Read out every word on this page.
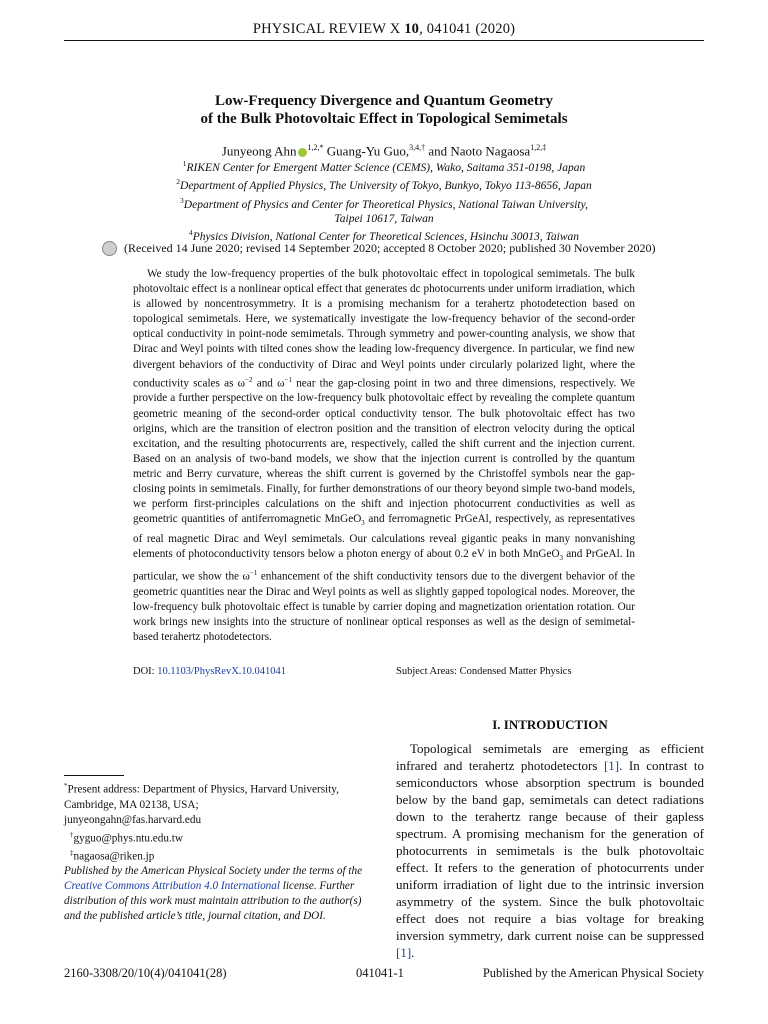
PHYSICAL REVIEW X 10, 041041 (2020)
Low-Frequency Divergence and Quantum Geometry
of the Bulk Photovoltaic Effect in Topological Semimetals
Junyeong Ahn $^{1,2,*}$ Guang-Yu Guo,$^{3,4,\dagger}$ and Naoto Nagaosa$^{1,2,\ddagger}$
$^1$RIKEN Center for Emergent Matter Science (CEMS), Wako, Saitama 351-0198, Japan
$^2$Department of Applied Physics, The University of Tokyo, Bunkyo, Tokyo 113-8656, Japan
$^3$Department of Physics and Center for Theoretical Physics, National Taiwan University,
Taipei 10617, Taiwan
$^4$Physics Division, National Center for Theoretical Sciences, Hsinchu 30013, Taiwan
(Received 14 June 2020; revised 14 September 2020; accepted 8 October 2020; published 30 November 2020)

We study the low-frequency properties of the bulk photovoltaic effect in topological semimetals. The bulk photovoltaic effect is a nonlinear optical effect that generates dc photocurrents under uniform irradiation, which is allowed by noncentrosymmetry. It is a promising mechanism for a terahertz photodetection based on topological semimetals. Here, we systematically investigate the low-frequency behavior of the second-order optical conductivity in point-node semimetals. Through symmetry and power-counting analysis, we show that Dirac and Weyl points with tilted cones show the leading low-frequency divergence. In particular, we find new divergent behaviors of the conductivity of Dirac and Weyl points under circularly polarized light, where the conductivity scales as $\omega^{-2}$ and $\omega^{-1}$ near the gap-closing point in two and three dimensions, respectively. We provide a further perspective on the low-frequency bulk photovoltaic effect by revealing the complete quantum geometric meaning of the second-order optical conductivity tensor. The bulk photovoltaic effect has two origins, which are the transition of electron position and the transition of electron velocity during the optical excitation, and the resulting photocurrents are, respectively, called the shift current and the injection current. Based on an analysis of two-band models, we show that the injection current is controlled by the quantum metric and Berry curvature, whereas the shift current is governed by the Christoffel symbols near the gap-closing points in semimetals. Finally, for further demonstrations of our theory beyond simple two-band models, we perform first-principles calculations on the shift and injection photocurrent conductivities as well as geometric quantities of antiferromagnetic MnGeO$_3$ and ferromagnetic PrGeAl, respectively, as representatives of real magnetic Dirac and Weyl semimetals. Our calculations reveal gigantic peaks in many nonvanishing elements of photoconductivity tensors below a photon energy of about 0.2 eV in both MnGeO$_3$ and PrGeAl. In particular, we show the $\omega^{-1}$ enhancement of the shift conductivity tensors due to the divergent behavior of the geometric quantities near the Dirac and Weyl points as well as slightly gapped topological nodes. Moreover, the low-frequency bulk photovoltaic effect is tunable by carrier doping and magnetization orientation rotation. Our work brings new insights into the structure of nonlinear optical responses as well as the design of semimetal-based terahertz photodetectors.

DOI: 10.1103/PhysRevX.10.041041	Subject Areas: Condensed Matter Physics
I. INTRODUCTION

Topological semimetals are emerging as efficient infrared and terahertz photodetectors [1]. In contrast to semiconductors whose absorption spectrum is bounded below by the band gap, semimetals can detect radiations down to the terahertz range because of their gapless spectrum. A promising mechanism for the generation of photocurrents in semimetals is the bulk photovoltaic effect. It refers to the generation of photocurrents under uniform irradiation of light due to the intrinsic inversion asymmetry of the system. Since the bulk photovoltaic effect does not require a bias voltage for breaking inversion symmetry, dark current noise can be suppressed [1].

*Present address: Department of Physics, Harvard University, Cambridge, MA 02138, USA;
junyeongahn@fas.harvard.edu
†gyguo@phys.ntu.edu.tw
‡nagaosa@riken.jp
Published by the American Physical Society under the terms of the Creative Commons Attribution 4.0 International license. Further distribution of this work must maintain attribution to the author(s) and the published article’s title, journal citation, and DOI.
2160-3308/20/10(4)/041041(28)	041041-1	Published by the American Physical Society
